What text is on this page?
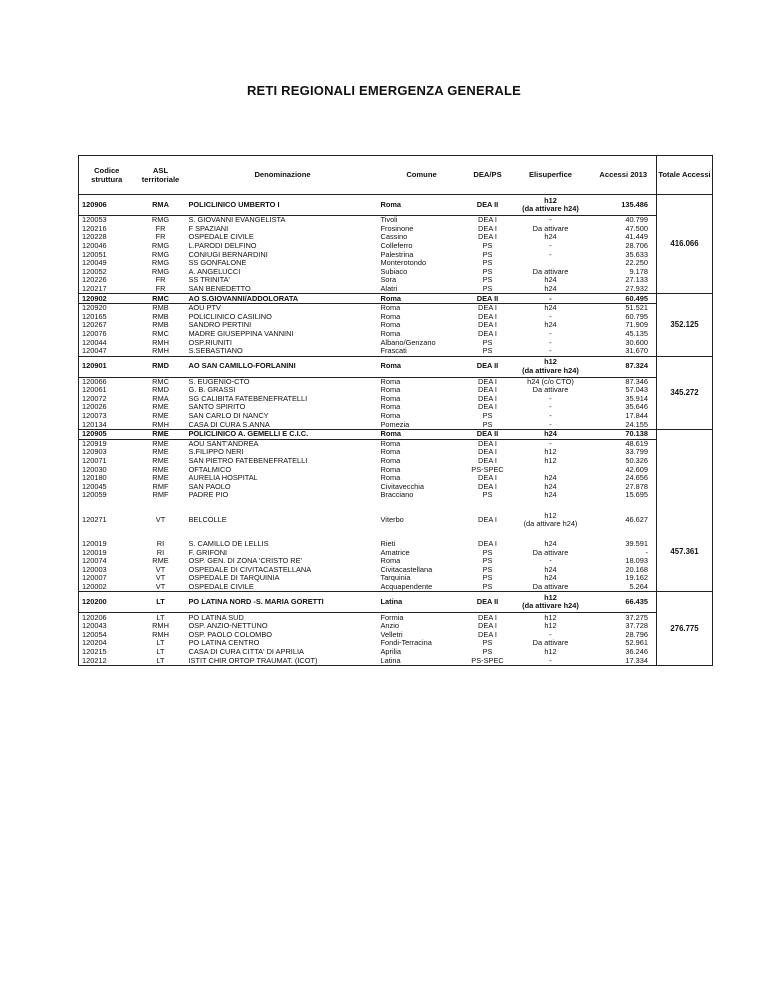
RETI REGIONALI EMERGENZA GENERALE
Codice struttura	ASL territoriale	Denominazione	Comune	DEA/PS	Elisuperfice	Accessi 2013	Totale Accessi
120906	RMA	POLICLINICO UMBERTO I	Roma	DEA II	h12
(da attivare h24)	135.486	416.066
120053	RMG	S. GIOVANNI EVANGELISTA	Tivoli	DEA I	-	40.799	
120216	FR	F SPAZIANI	Frosinone	DEA I	Da attivare	47.500	
120228	FR	OSPEDALE CIVILE	Cassino	DEA I	h24	41.449	
120046	RMG	L.PARODI DELFINO	Colleferro	PS	-	28.706	
120051	RMG	CONIUGI BERNARDINI	Palestrina	PS	-	35.633	
120049	RMG	SS GONFALONE	Monterotondo	PS		22.250	
120052	RMG	A. ANGELUCCI	Subiaco	PS	Da attivare	9.178	
120226	FR	SS TRINITA'	Sora	PS	h24	27.133	
120217	FR	SAN BENEDETTO	Alatri	PS	h24	27.932	
120902	RMC	AO S.GIOVANNI/ADDOLORATA	Roma	DEA II	-	60.495	352.125
120920	RMB	AOU PTV	Roma	DEA I	h24	51.521	
120165	RMB	POLICLINICO CASILINO	Roma	DEA I	-	60.795	
120267	RMB	SANDRO PERTINI	Roma	DEA I	h24	71.909	
120076	RMC	MADRE GIUSEPPINA VANNINI	Roma	DEA I	-	45.135	
120044	RMH	OSP.RIUNITI	Albano/Genzano	PS	-	30.600	
120047	RMH	S.SEBASTIANO	Frascati	PS	-	31.670	
120901	RMD	AO SAN CAMILLO-FORLANINI	Roma	DEA II	h12
(da attivare h24)	87.324	345.272
120066	RMC	S. EUGENIO-CTO	Roma	DEA I	h24 (c/o CTO)	87.346	
120061	RMD	G. B. GRASSI	Roma	DEA I	Da attivare	57.043	
120072	RMA	SG CALIBITA FATEBENEFRATELLI	Roma	DEA I	-	35.914	
120026	RME	SANTO SPIRITO	Roma	DEA I	-	35.646	
120073	RME	SAN CARLO DI NANCY	Roma	PS	-	17.844	
120134	RMH	CASA DI CURA S.ANNA	Pomezia	PS	-	24.155	
120905	RME	POLICLINICO A. GEMELLI E C.I.C.	Roma	DEA II	h24	70.138	457.361
120919	RME	AOU SANT'ANDREA	Roma	DEA I	-	48.619	
120903	RME	S.FILIPPO NERI	Roma	DEA I	h12	33.799	
120071	RME	SAN PIETRO FATEBENEFRATELLI	Roma	DEA I	h12	50.326	
120030	RME	OFTALMICO	Roma	PS-SPEC		42.609	
120180	RME	AURELIA HOSPITAL	Roma	DEA I	h24	24.656	
120045	RMF	SAN PAOLO	Civitavecchia	DEA I	h24	27.878	
120059	RMF	PADRE PIO	Bracciano	PS	h24	15.695	

120271	VT	BELCOLLE	Viterbo	DEA I	h12
(da attivare h24)	46.627	

120019	RI	S. CAMILLO DE LELLIS	Rieti	DEA I	h24	39.591	
120019	RI	F. GRIFONI	Amatrice	PS	Da attivare	-	
120074	RME	OSP. GEN. DI ZONA 'CRISTO RE'	Roma	PS	-	18.093	
120003	VT	OSPEDALE DI CIVITACASTELLANA	Civitacastellana	PS	h24	20.168	
120007	VT	OSPEDALE DI TARQUINIA	Tarquinia	PS	h24	19.162	
120002	VT	OSPEDALE CIVILE	Acquapendente	PS	Da attivare	5.264	
120200	LT	PO LATINA NORD -S. MARIA GORETTI	Latina	DEA II	h12
(da attivare h24)	66.435	276.775
120206	LT	PO LATINA SUD	Formia	DEA I	h12	37.275	
120043	RMH	OSP. ANZIO-NETTUNO	Anzio	DEA I	h12	37.728	
120054	RMH	OSP. PAOLO COLOMBO	Velletri	DEA I	-	28.796	
120204	LT	PO LATINA CENTRO	Fondi-Terracina	PS	Da attivare	52.961	
120215	LT	CASA DI CURA CITTA' DI APRILIA	Aprilia	PS	h12	36.246	
120212	LT	ISTIT CHIR ORTOP TRAUMAT. (ICOT)	Latina	PS-SPEC	-	17.334	
